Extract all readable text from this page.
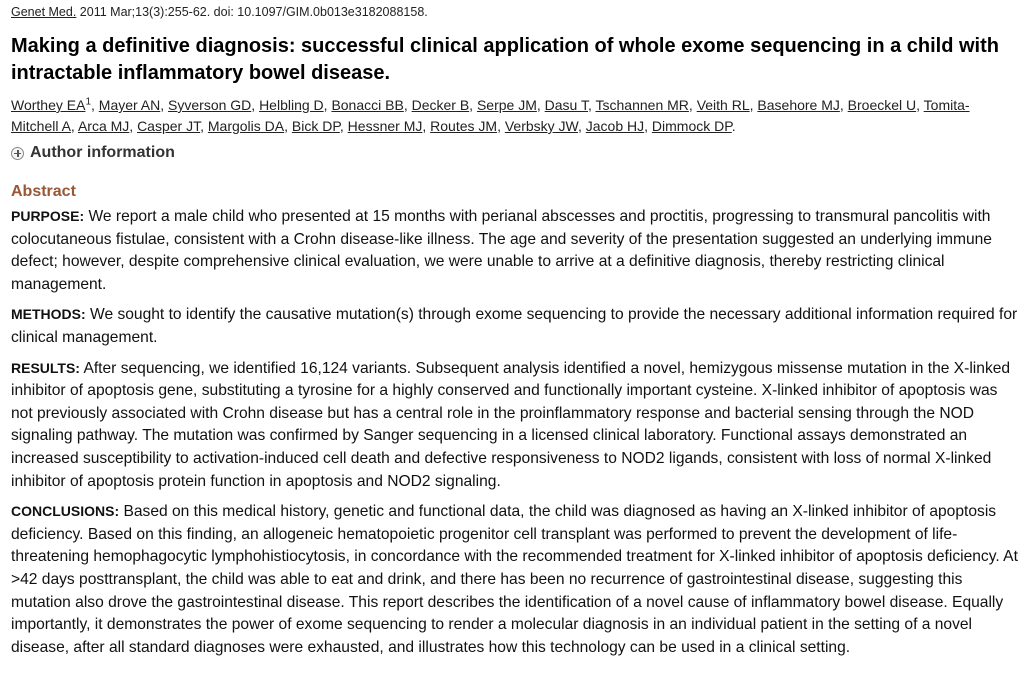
Genet Med. 2011 Mar;13(3):255-62. doi: 10.1097/GIM.0b013e3182088158.
Making a definitive diagnosis: successful clinical application of whole exome sequencing in a child with intractable inflammatory bowel disease.
Worthey $EA^1$, Mayer AN, Syverson GD, Helbling D, Bonacci BB, Decker B, Serpe JM, Dasu T, Tschannen MR, Veith RL, Basehore MJ, Broeckel U, Tomita-Mitchell A, Arca MJ, Casper JT, Margolis DA, Bick DP, Hessner MJ, Routes JM, Verbsky JW, Jacob HJ, Dimmock DP.
Author information
Abstract

PURPOSE: We report a male child who presented at 15 months with perianal abscesses and proctitis, progressing to transmural pancolitis with colocutaneous fistulae, consistent with a Crohn disease-like illness. The age and severity of the presentation suggested an underlying immune defect; however, despite comprehensive clinical evaluation, we were unable to arrive at a definitive diagnosis, thereby restricting clinical management.

METHODS: We sought to identify the causative mutation(s) through exome sequencing to provide the necessary additional information required for clinical management.

RESULTS: After sequencing, we identified 16,124 variants. Subsequent analysis identified a novel, hemizygous missense mutation in the X-linked inhibitor of apoptosis gene, substituting a tyrosine for a highly conserved and functionally important cysteine. X-linked inhibitor of apoptosis was not previously associated with Crohn disease but has a central role in the proinflammatory response and bacterial sensing through the NOD signaling pathway. The mutation was confirmed by Sanger sequencing in a licensed clinical laboratory. Functional assays demonstrated an increased susceptibility to activation-induced cell death and defective responsiveness to NOD2 ligands, consistent with loss of normal X-linked inhibitor of apoptosis protein function in apoptosis and NOD2 signaling.

CONCLUSIONS: Based on this medical history, genetic and functional data, the child was diagnosed as having an X-linked inhibitor of apoptosis deficiency. Based on this finding, an allogeneic hematopoietic progenitor cell transplant was performed to prevent the development of life-threatening hemophagocytic lymphohistiocytosis, in concordance with the recommended treatment for X-linked inhibitor of apoptosis deficiency. At >42 days posttransplant, the child was able to eat and drink, and there has been no recurrence of gastrointestinal disease, suggesting this mutation also drove the gastrointestinal disease. This report describes the identification of a novel cause of inflammatory bowel disease. Equally importantly, it demonstrates the power of exome sequencing to render a molecular diagnosis in an individual patient in the setting of a novel disease, after all standard diagnoses were exhausted, and illustrates how this technology can be used in a clinical setting.
